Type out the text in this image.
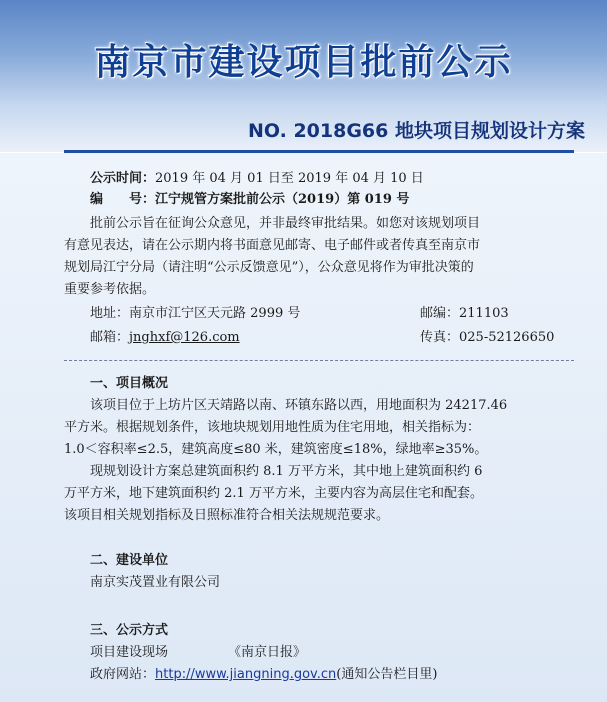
南京市建设项目批前公示
NO. 2018G66 地块项目规划设计方案
公示时间：2019 年 04 月 01 日至 2019 年 04 月 10 日
编　　号：江宁规管方案批前公示（2019）第 019 号
批前公示旨在征询公众意见，并非最终审批结果。如您对该规划项目
有意见表达，请在公示期内将书面意见邮寄、电子邮件或者传真至南京市
规划局江宁分局（请注明“公示反馈意见”），公众意见将作为审批决策的
重要参考依据。
地址：南京市江宁区天元路 2999 号	邮编：211103
邮箱：jnghxf@126.com	传真：025-52126650
一、项目概况
该项目位于上坊片区天靖路以南、环镇东路以西，用地面积为 24217.46
平方米。根据规划条件，该地块规划用地性质为住宅用地，相关指标为：
1.0＜容积率≤2.5，建筑高度≤80 米，建筑密度≤18%，绿地率≥35%。
现规划设计方案总建筑面积约 8.1 万平方米，其中地上建筑面积约 6
万平方米，地下建筑面积约 2.1 万平方米，主要内容为高层住宅和配套。
该项目相关规划指标及日照标准符合相关法规规范要求。
二、建设单位
南京实茂置业有限公司
三、公示方式
项目建设现场	《南京日报》
政府网站：http://www.jiangning.gov.cn(通知公告栏目里)
